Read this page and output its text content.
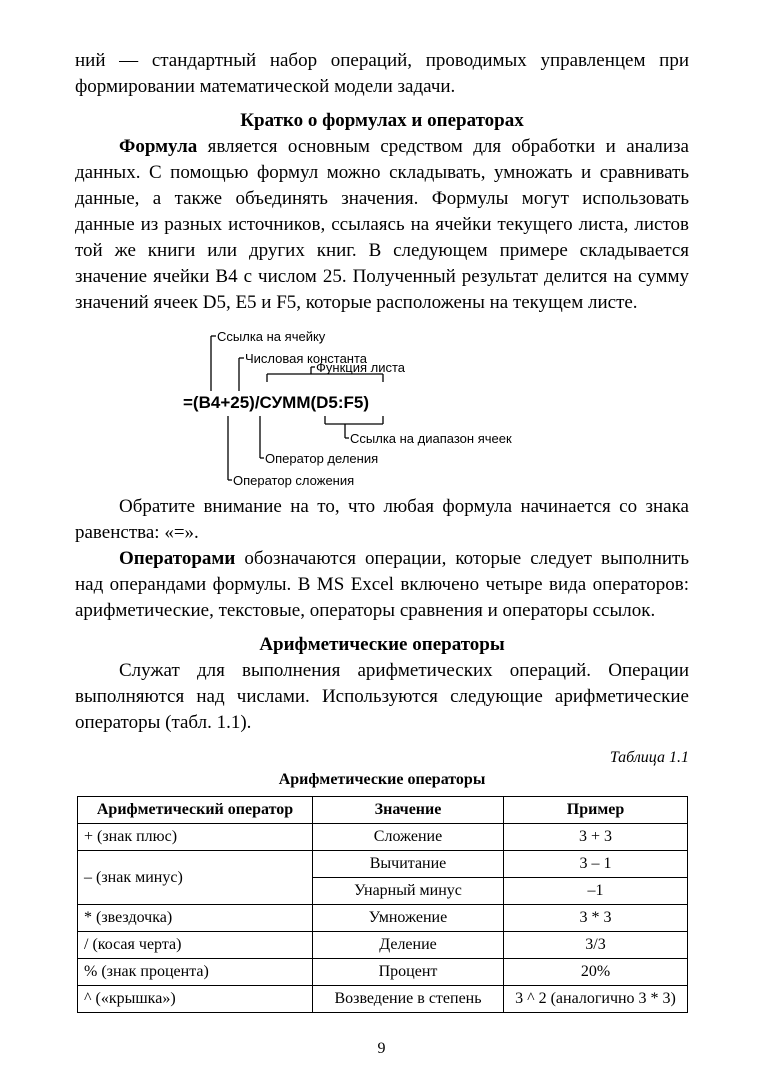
ний — стандартный набор операций, проводимых управленцем при формировании математической модели задачи.

Кратко о формулах и операторах

Формула является основным средством для обработки и анализа данных. С помощью формул можно складывать, умножать и сравнивать данные, а также объединять значения. Формулы могут использовать данные из разных источников, ссылаясь на ячейки текущего листа, листов той же книги или других книг. В следующем примере складывается значение ячейки B4 с числом 25. Полученный результат делится на сумму значений ячеек D5, E5 и F5, которые расположены на текущем листе.

Ссылка на ячейку
Числовая константа
Функция листа
Ссылка на диапазон ячеек
Оператор деления
Оператор сложения
=(B4+25)/СУММ(D5:F5)

Обратите внимание на то, что любая формула начинается со знака равенства: «=».

Операторами обозначаются операции, которые следует выполнить над операндами формулы. В MS Excel включено четыре вида операторов: арифметические, текстовые, операторы сравнения и операторы ссылок.

Арифметические операторы

Служат для выполнения арифметических операций. Операции выполняются над числами. Используются следующие арифметические операторы (табл. 1.1).

Таблица 1.1

Арифметические операторы

Арифметический оператор	Значение	Пример
+ (знак плюс)	Сложение	3 + 3
– (знак минус)	Вычитание	3 – 1
	Унарный минус	–1
* (звездочка)	Умножение	3 * 3
/ (косая черта)	Деление	3/3
% (знак процента)	Процент	20%
^ («крышка»)	Возведение в степень	3 ^ 2 (аналогично 3 * 3)
9
